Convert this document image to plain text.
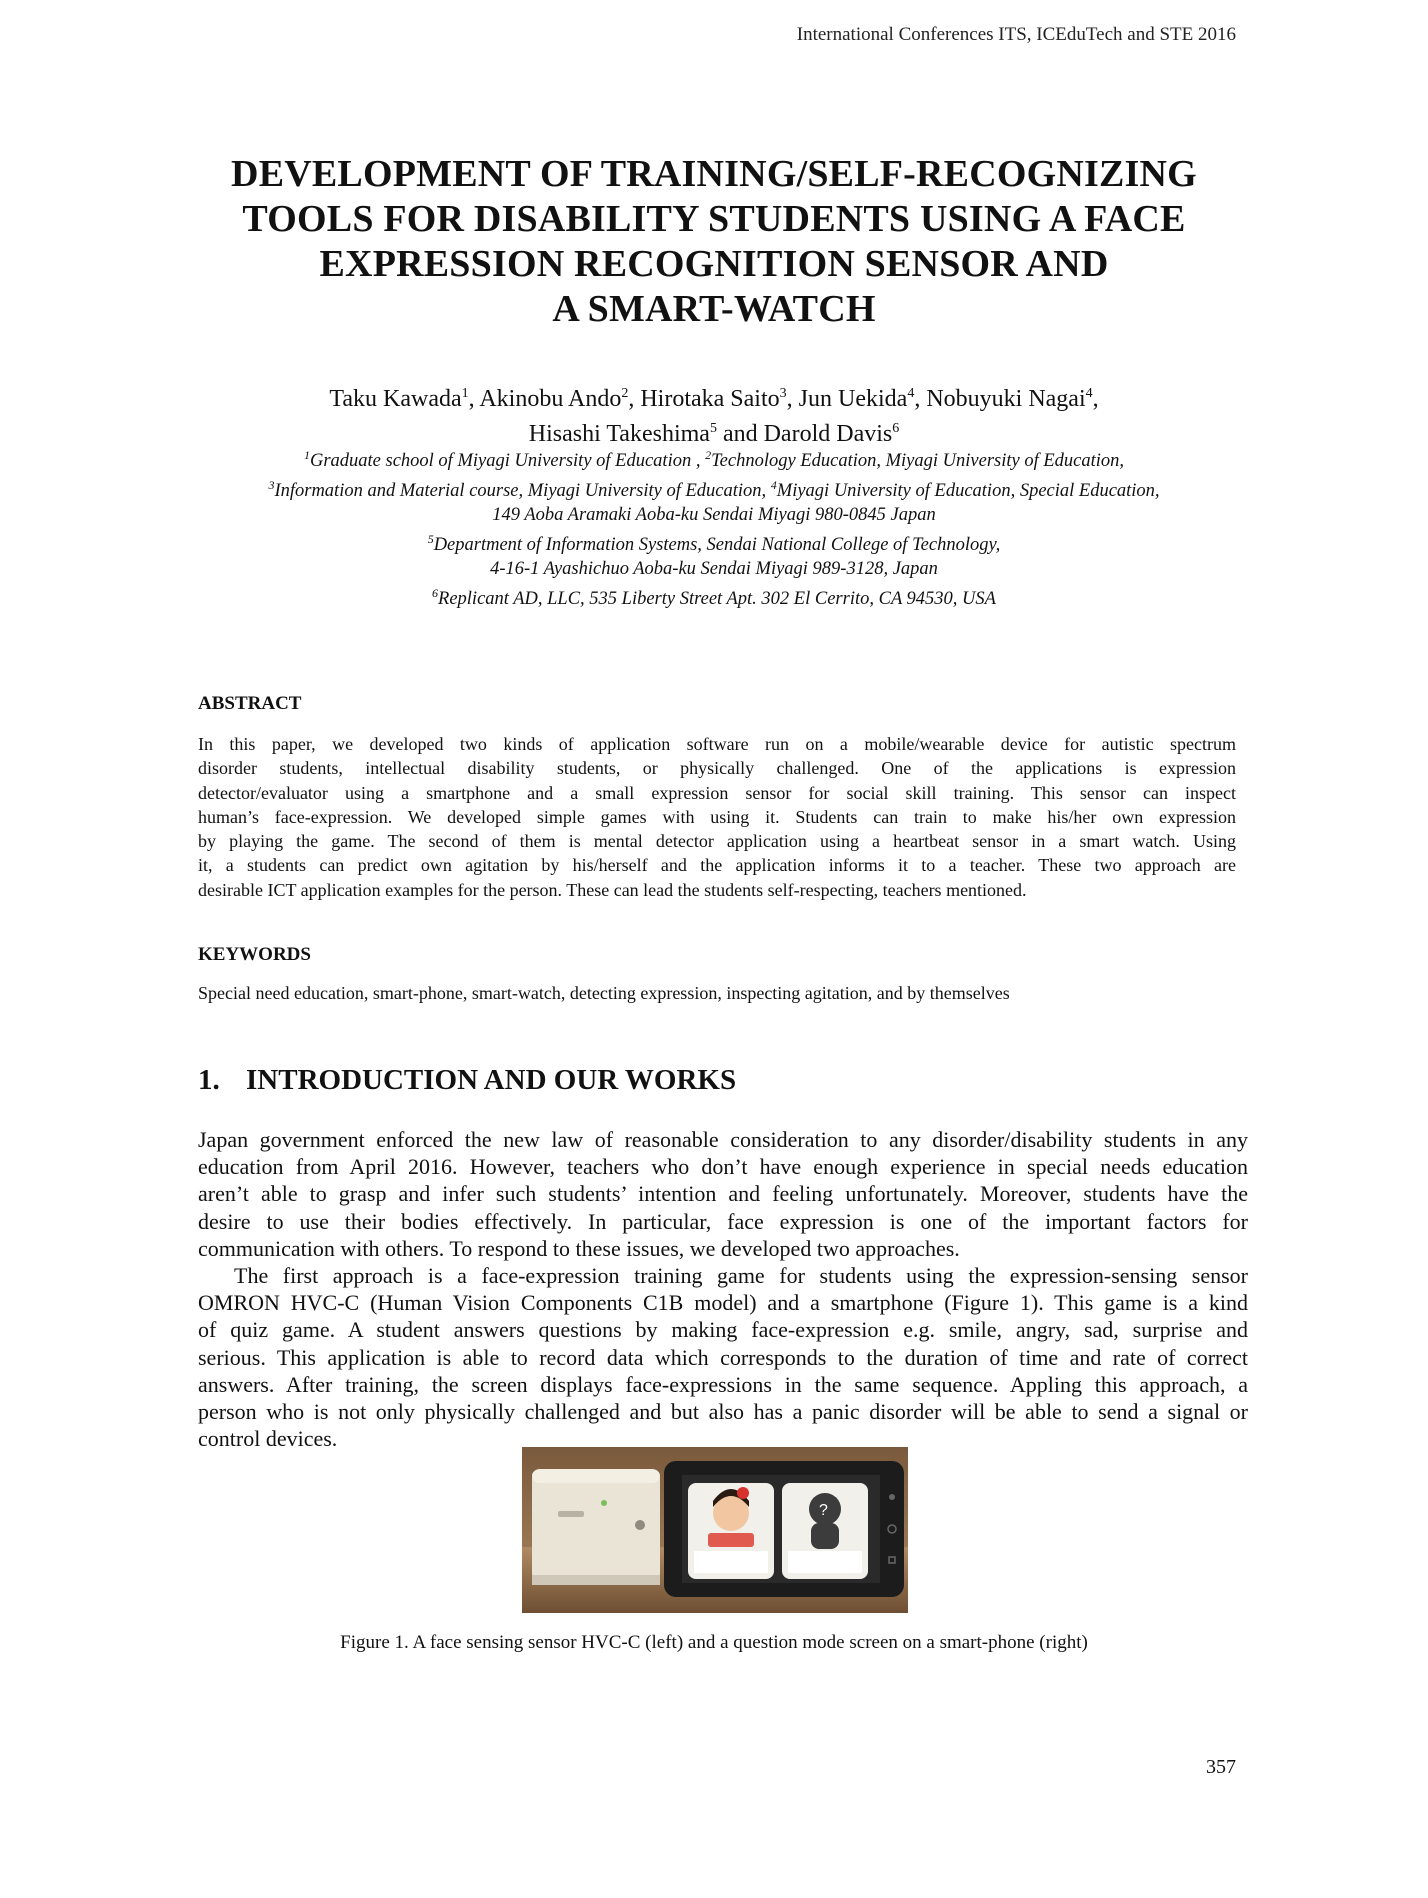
International Conferences ITS, ICEduTech and STE 2016
DEVELOPMENT OF TRAINING/SELF-RECOGNIZING
TOOLS FOR DISABILITY STUDENTS USING A FACE
EXPRESSION RECOGNITION SENSOR AND
A SMART-WATCH
Taku Kawada$^1$, Akinobu Ando$^2$, Hirotaka Saito$^3$, Jun Uekida$^4$, Nobuyuki Nagai$^4$,
Hisashi Takeshima$^5$ and Darold Davis$^6$
$^1$Graduate school of Miyagi University of Education , $^2$Technology Education, Miyagi University of Education,
$^3$Information and Material course, Miyagi University of Education, $^4$Miyagi University of Education, Special Education,
149 Aoba Aramaki Aoba-ku Sendai Miyagi 980-0845 Japan
$^5$Department of Information Systems, Sendai National College of Technology,
4-16-1 Ayashichuo Aoba-ku Sendai Miyagi 989-3128, Japan
$^6$Replicant AD, LLC, 535 Liberty Street Apt. 302 El Cerrito, CA 94530, USA
ABSTRACT
In this paper, we developed two kinds of application software run on a mobile/wearable device for autistic spectrum
disorder students, intellectual disability students, or physically challenged. One of the applications is expression
detector/evaluator using a smartphone and a small expression sensor for social skill training. This sensor can inspect
human’s face-expression. We developed simple games with using it. Students can train to make his/her own expression
by playing the game. The second of them is mental detector application using a heartbeat sensor in a smart watch. Using
it, a students can predict own agitation by his/herself and the application informs it to a teacher. These two approach are
desirable ICT application examples for the person. These can lead the students self-respecting, teachers mentioned.
KEYWORDS
Special need education, smart-phone, smart-watch, detecting expression, inspecting agitation, and by themselves
1. INTRODUCTION AND OUR WORKS
Japan government enforced the new law of reasonable consideration to any disorder/disability students in any
education from April 2016. However, teachers who don’t have enough experience in special needs education
aren’t able to grasp and infer such students’ intention and feeling unfortunately. Moreover, students have the
desire to use their bodies effectively. In particular, face expression is one of the important factors for
communication with others. To respond to these issues, we developed two approaches.
The first approach is a face-expression training game for students using the expression-sensing sensor
OMRON HVC-C (Human Vision Components C1B model) and a smartphone (Figure 1). This game is a kind
of quiz game. A student answers questions by making face-expression e.g. smile, angry, sad, surprise and
serious. This application is able to record data which corresponds to the duration of time and rate of correct
answers. After training, the screen displays face-expressions in the same sequence. Appling this approach, a
person who is not only physically challenged and but also has a panic disorder will be able to send a signal or
control devices.
?
Figure 1. A face sensing sensor HVC-C (left) and a question mode screen on a smart-phone (right)
357
